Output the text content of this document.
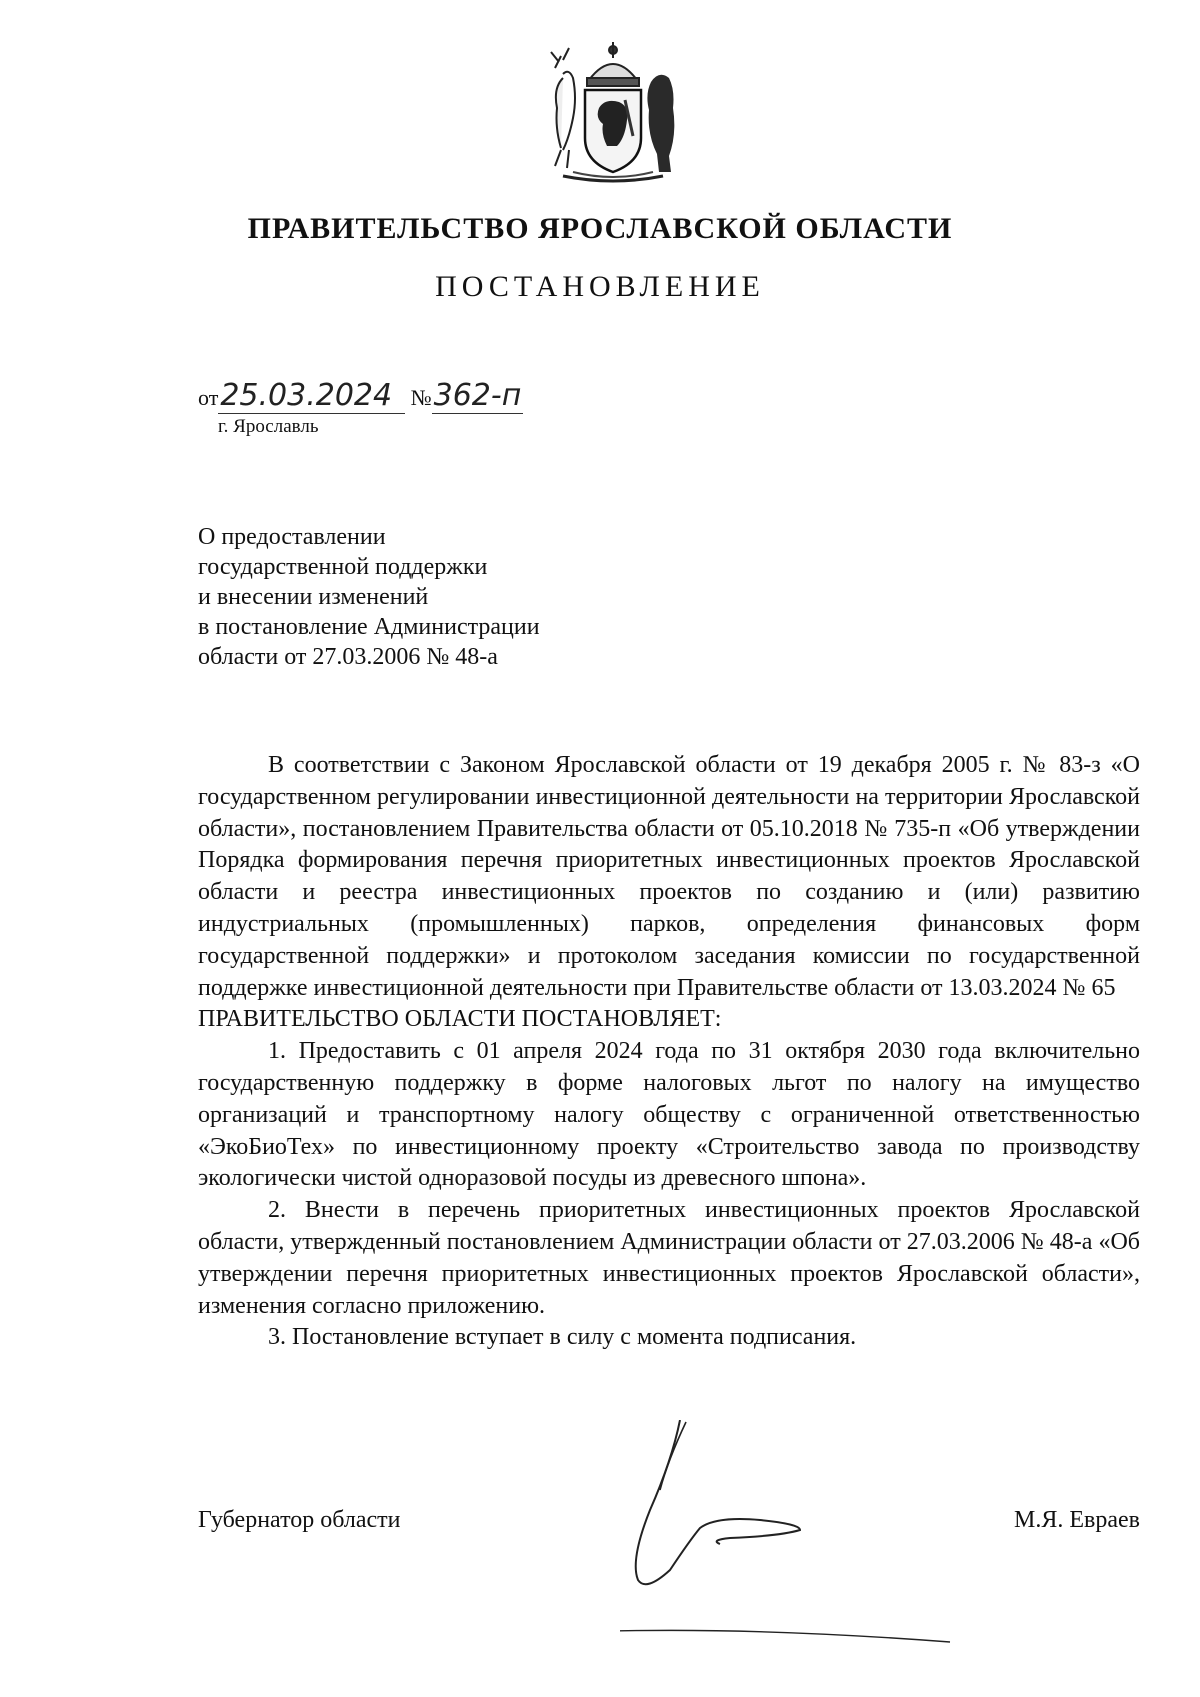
ПРАВИТЕЛЬСТВО ЯРОСЛАВСКОЙ ОБЛАСТИ
ПОСТАНОВЛЕНИЕ
от25.03.2024 №362-п
г. Ярославль
О предоставлении
государственной поддержки
и внесении изменений
в постановление Администрации
области от 27.03.2006 № 48-а

В соответствии с Законом Ярославской области от 19 декабря 2005 г. № 83-з «О государственном регулировании инвестиционной деятельности на территории Ярославской области», постановлением Правительства области от 05.10.2018 № 735-п «Об утверждении Порядка формирования перечня приоритетных инвестиционных проектов Ярославской области и реестра инвестиционных проектов по созданию и (или) развитию индустриальных (промышленных) парков, определения финансовых форм государственной поддержки» и протоколом заседания комиссии по государственной поддержке инвестиционной деятельности при Правительстве области от 13.03.2024 № 65

ПРАВИТЕЛЬСТВО ОБЛАСТИ ПОСТАНОВЛЯЕТ:

1. Предоставить с 01 апреля 2024 года по 31 октября 2030 года включительно государственную поддержку в форме налоговых льгот по налогу на имущество организаций и транспортному налогу обществу с ограниченной ответственностью «ЭкоБиоТех» по инвестиционному проекту «Строительство завода по производству экологически чистой одноразовой посуды из древесного шпона».

2. Внести в перечень приоритетных инвестиционных проектов Ярославской области, утвержденный постановлением Администрации области от 27.03.2006 № 48-а «Об утверждении перечня приоритетных инвестиционных проектов Ярославской области», изменения согласно приложению.

3. Постановление вступает в силу с момента подписания.

Губернатор области	М.Я. Евраев
